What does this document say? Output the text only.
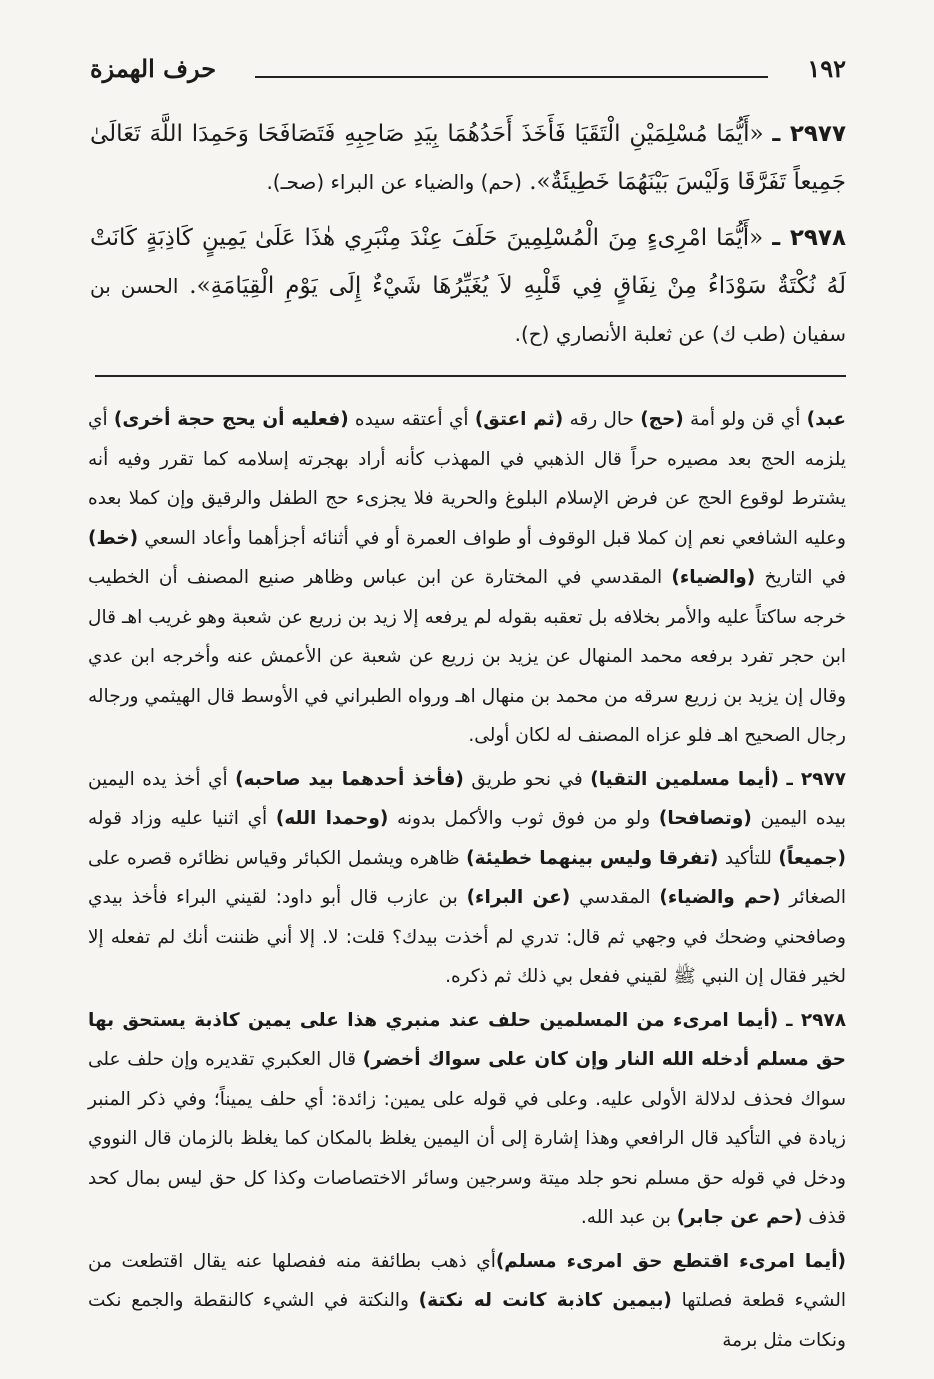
١٩٢
حرف الهمزة

٢٩٧٧ ـ «أَيُّمَا مُسْلِمَيْنِ الْتَقَيَا فَأَخَذَ أَحَدُهُمَا بِيَدِ صَاحِبِهِ فَتَصَافَحَا وَحَمِدَا اللَّهَ تَعَالَىٰ جَمِيعاً تَفَرَّقَا وَلَيْسَ بَيْنَهُمَا خَطِيئَةٌ». (حم) والضياء عن البراء (صحـ).

٢٩٧٨ ـ «أَيُّمَا امْرِىءٍ مِنَ الْمُسْلِمِينَ حَلَفَ عِنْدَ مِنْبَرِي هٰذَا عَلَىٰ يَمِينٍ كَاذِبَةٍ كَانَتْ لَهُ نُكْتَةٌ سَوْدَاءُ مِنْ نِفَاقٍ فِي قَلْبِهِ لاَ يُغَيِّرُهَا شَيْءٌ إِلَى يَوْمِ الْقِيَامَةِ». الحسن بن سفيان (طب ك) عن ثعلبة الأنصاري (ح).

عبد) أي قن ولو أمة (حج) حال رقه (ثم اعتق) أي أعتقه سيده (فعليه أن يحج حجة أخرى) أي يلزمه الحج بعد مصيره حراً قال الذهبي في المهذب كأنه أراد بهجرته إسلامه كما تقرر وفيه أنه يشترط لوقوع الحج عن فرض الإسلام البلوغ والحرية فلا يجزىء حج الطفل والرقيق وإن كملا بعده وعليه الشافعي نعم إن كملا قبل الوقوف أو طواف العمرة أو في أثنائه أجزأهما وأعاد السعي (خط) في التاريخ (والضياء) المقدسي في المختارة عن ابن عباس وظاهر صنيع المصنف أن الخطيب خرجه ساكتاً عليه والأمر بخلافه بل تعقبه بقوله لم يرفعه إلا زيد بن زريع عن شعبة وهو غريب اهـ قال ابن حجر تفرد برفعه محمد المنهال عن يزيد بن زريع عن شعبة عن الأعمش عنه وأخرجه ابن عدي وقال إن يزيد بن زريع سرقه من محمد بن منهال اهـ ورواه الطبراني في الأوسط قال الهيثمي ورجاله رجال الصحيح اهـ فلو عزاه المصنف له لكان أولى.

٢٩٧٧ ـ (أيما مسلمين التقيا) في نحو طريق (فأخذ أحدهما بيد صاحبه) أي أخذ يده اليمين بيده اليمين (وتصافحا) ولو من فوق ثوب والأكمل بدونه (وحمدا الله) أي اثنيا عليه وزاد قوله (جميعاً) للتأكيد (تفرقا وليس بينهما خطيئة) ظاهره ويشمل الكبائر وقياس نظائره قصره على الصغائر (حم والضياء) المقدسي (عن البراء) بن عازب قال أبو داود: لقيني البراء فأخذ بيدي وصافحني وضحك في وجهي ثم قال: تدري لم أخذت بيدك؟ قلت: لا. إلا أني ظننت أنك لم تفعله إلا لخير فقال إن النبي ﷺ لقيني ففعل بي ذلك ثم ذكره.

٢٩٧٨ ـ (أيما امرىء من المسلمين حلف عند منبري هذا على يمين كاذبة يستحق بها حق مسلم أدخله الله النار وإن كان على سواك أخضر) قال العكبري تقديره وإن حلف على سواك فحذف لدلالة الأولى عليه. وعلى في قوله على يمين: زائدة: أي حلف يميناً؛ وفي ذكر المنبر زيادة في التأكيد قال الرافعي وهذا إشارة إلى أن اليمين يغلظ بالمكان كما يغلظ بالزمان قال النووي ودخل في قوله حق مسلم نحو جلد ميتة وسرجين وسائر الاختصاصات وكذا كل حق ليس بمال كحد قذف (حم عن جابر) بن عبد الله.

(أيما امرىء اقتطع حق امرىء مسلم)أي ذهب بطائفة منه ففصلها عنه يقال اقتطعت من الشيء قطعة فصلتها (بيمين كاذبة كانت له نكتة) والنكتة في الشيء كالنقطة والجمع نكت ونكات مثل برمة
